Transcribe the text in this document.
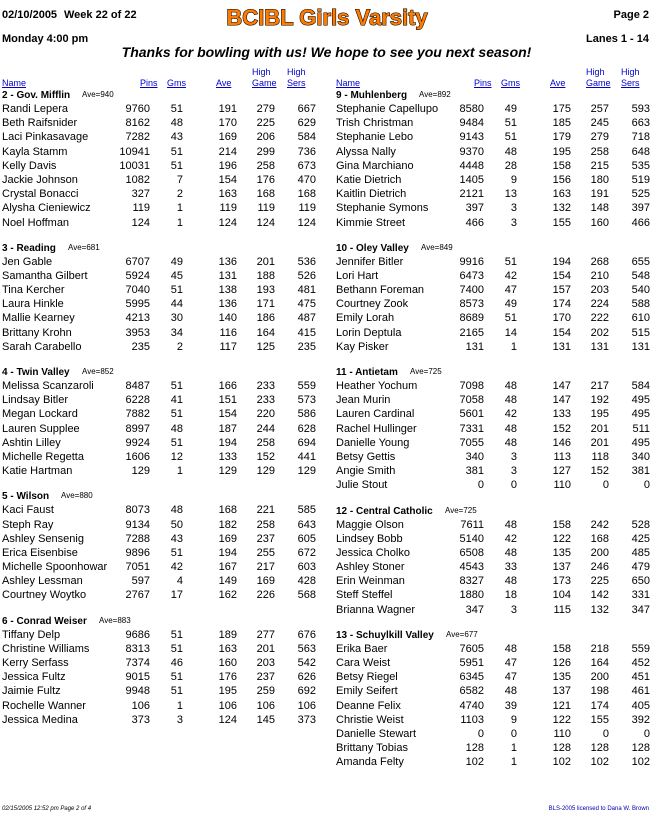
02/10/2005 Week 22 of 22	BCIBL Girls Varsity	Page 2
Monday 4:00 pm	Lanes 1 - 14
Thanks for bowling with us! We hope to see you next season!
Name	Pins Gms	Ave
High
Game
High
Sers
2 - Gov. Mifflin Ave=940
Randi Lepera	9760 51	191 279 667
Beth Raifsnider	8162 48	170 225 629
Laci Pinkasavage	7282 43	169 206 584
Kayla Stamm	10941 51	214 299 736
Kelly Davis	10031 51	196 258 673
Jackie Johnson	1082 7	154 176 470
Crystal Bonacci	327 2	163 168 168
Alysha Cieniewicz	119 1	119 119 119
Noel Hoffman	124 1	124 124 124
3 - Reading Ave=681
Jen Gable	6707 49	136 201 536
Samantha Gilbert	5924 45	131 188 526
Tina Kercher	7040 51	138 193 481
Laura Hinkle	5995 44	136 171 475
Mallie Kearney	4213 30	140 186 487
Brittany Krohn	3953 34	116 164 415
Sarah Carabello	235 2	117 125 235
4 - Twin Valley Ave=852
Melissa Scanzaroli	8487 51	166 233 559
Lindsay Bitler	6228 41	151 233 573
Megan Lockard	7882 51	154 220 586
Lauren Supplee	8997 48	187 244 628
Ashtin Lilley	9924 51	194 258 694
Michelle Regetta	1606 12	133 152 441
Katie Hartman	129 1	129 129 129
5 - Wilson Ave=880
Kaci Faust	8073 48	168 221 585
Steph Ray	9134 50	182 258 643
Ashley Sensenig	7288 43	169 237 605
Erica Eisenbise	9896 51	194 255 672
Michelle Spoonhowar 7051 42	167 217 603
Ashley Lessman	597 4	149 169 428
Courtney Woytko	2767 17	162 226 568
6 - Conrad Weiser Ave=883
Tiffany Delp	9686 51	189 277 676
Christine Williams	8313 51	163 201 563
Kerry Serfass	7374 46	160 203 542
Jessica Fultz	9015 51	176 237 626
Jaimie Fultz	9948 51	195 259 692
Rochelle Wanner	106 1	106 106 106
Jessica Medina	373 3	124 145 373
Name	Pins Gms	Ave
High
Game
High
Sers
9 - Muhlenberg Ave=892
Stephanie Capellupo 8580 49	175 257 593
Trish Christman	9484 51	185 245 663
Stephanie Lebo	9143 51	179 279 718
Alyssa Nally	9370 48	195 258 648
Gina Marchiano	4448 28	158 215 535
Katie Dietrich	1405 9	156 180 519
Kaitlin Dietrich	2121 13	163 191 525
Stephanie Symons	397 3	132 148 397
Kimmie Street	466 3	155 160 466
10 - Oley Valley Ave=849
Jennifer Bitler	9916 51	194 268 655
Lori Hart	6473 42	154 210 548
Bethann Foreman	7400 47	157 203 540
Courtney Zook	8573 49	174 224 588
Emily Lorah	8689 51	170 222 610
Lorin Deptula	2165 14	154 202 515
Kay Pisker	131 1	131 131 131
11 - Antietam Ave=725
Heather Yochum	7098 48	147 217 584
Jean Murin	7058 48	147 192 495
Lauren Cardinal	5601 42	133 195 495
Rachel Hullinger	7331 48	152 201 511
Danielle Young	7055 48	146 201 495
Betsy Gettis	340 3	113 118 340
Angie Smith	381 3	127 152 381
Julie Stout	0 0	110	0	0
12 - Central Catholic Ave=725
Maggie Olson	7611 48	158 242 528
Lindsey Bobb	5140 42	122 168 425
Jessica Cholko	6508 48	135 200 485
Ashley Stoner	4543 33	137 246 479
Erin Weinman	8327 48	173 225 650
Steff Steffel	1880 18	104 142 331
Brianna Wagner	347 3	115 132 347
13 - Schuylkill Valley Ave=677
Erika Baer	7605 48	158 218 559
Cara Weist	5951 47	126 164 452
Betsy Riegel	6345 47	135 200 451
Emily Seifert	6582 48	137 198 461
Deanne Felix	4740 39	121 174 405
Christie Weist	1103 9	122 155 392
Danielle Stewart	0 0	110	0	0
Brittany Tobias	128 1	128 128 128
Amanda Felty	102 1	102 102 102
02/15/2005 12:52 pm Page 2 of 4	BLS-2005 licensed to Dana W. Brown
